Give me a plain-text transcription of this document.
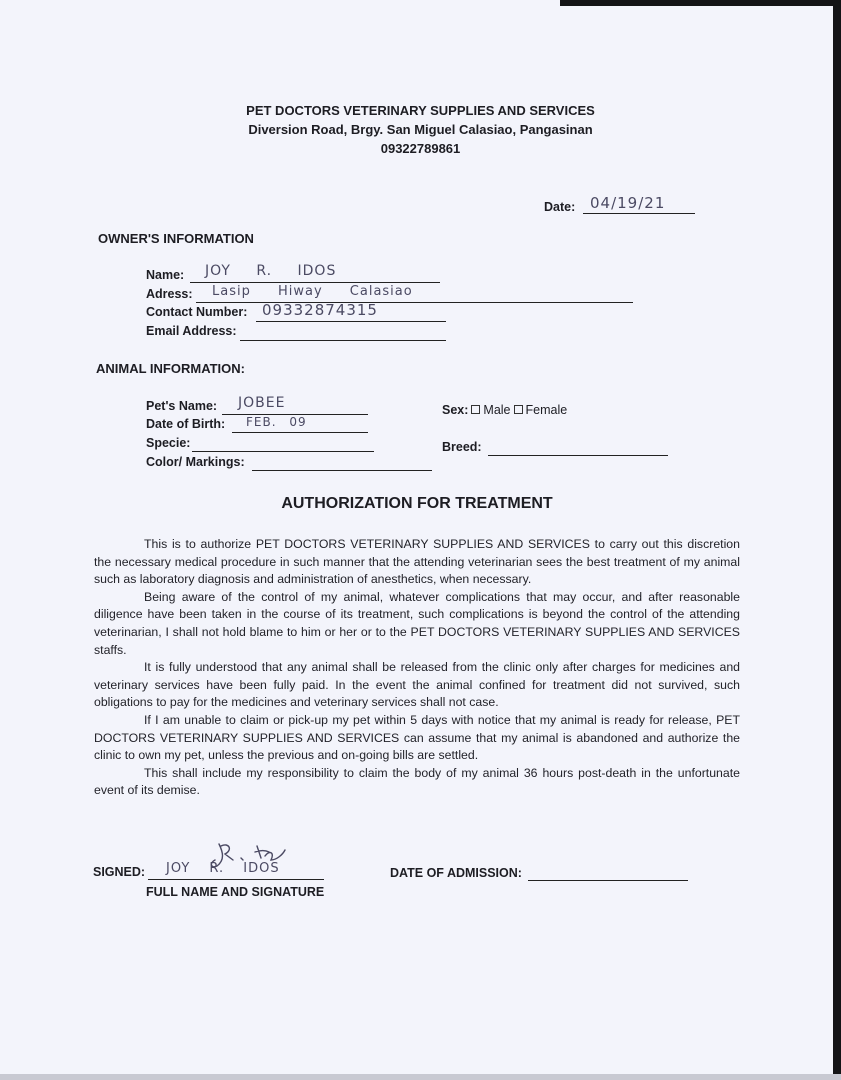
PET DOCTORS VETERINARY SUPPLIES AND SERVICES
Diversion Road, Brgy. San Miguel Calasiao, Pangasinan
09322789861
Date: 04/19/21
OWNER'S INFORMATION
Name: JOY R. IDOS
Adress: Lasip Hiway Calasiao
Contact Number: 09332874315
Email Address:
ANIMAL INFORMATION:
Pet's Name: JOBEE
Date of Birth: FEB. 09
Specie:
Color/ Markings:
Sex: Male Female
Breed:
AUTHORIZATION FOR TREATMENT

This is to authorize PET DOCTORS VETERINARY SUPPLIES AND SERVICES to carry out this discretion the necessary medical procedure in such manner that the attending veterinarian sees the best treatment of my animal such as laboratory diagnosis and administration of anesthetics, when necessary.

Being aware of the control of my animal, whatever complications that may occur, and after reasonable diligence have been taken in the course of its treatment, such complications is beyond the control of the attending veterinarian, I shall not hold blame to him or her or to the PET DOCTORS VETERINARY SUPPLIES AND SERVICES staffs.

It is fully understood that any animal shall be released from the clinic only after charges for medicines and veterinary services have been fully paid. In the event the animal confined for treatment did not survived, such obligations to pay for the medicines and veterinary services shall not case.

If I am unable to claim or pick-up my pet within 5 days with notice that my animal is ready for release, PET DOCTORS VETERINARY SUPPLIES AND SERVICES can assume that my animal is abandoned and authorize the clinic to own my pet, unless the previous and on-going bills are settled.

This shall include my responsibility to claim the body of my animal 36 hours post-death in the unfortunate event of its demise.

SIGNED: JOY R. IDOS
FULL NAME AND SIGNATURE
DATE OF ADMISSION:
